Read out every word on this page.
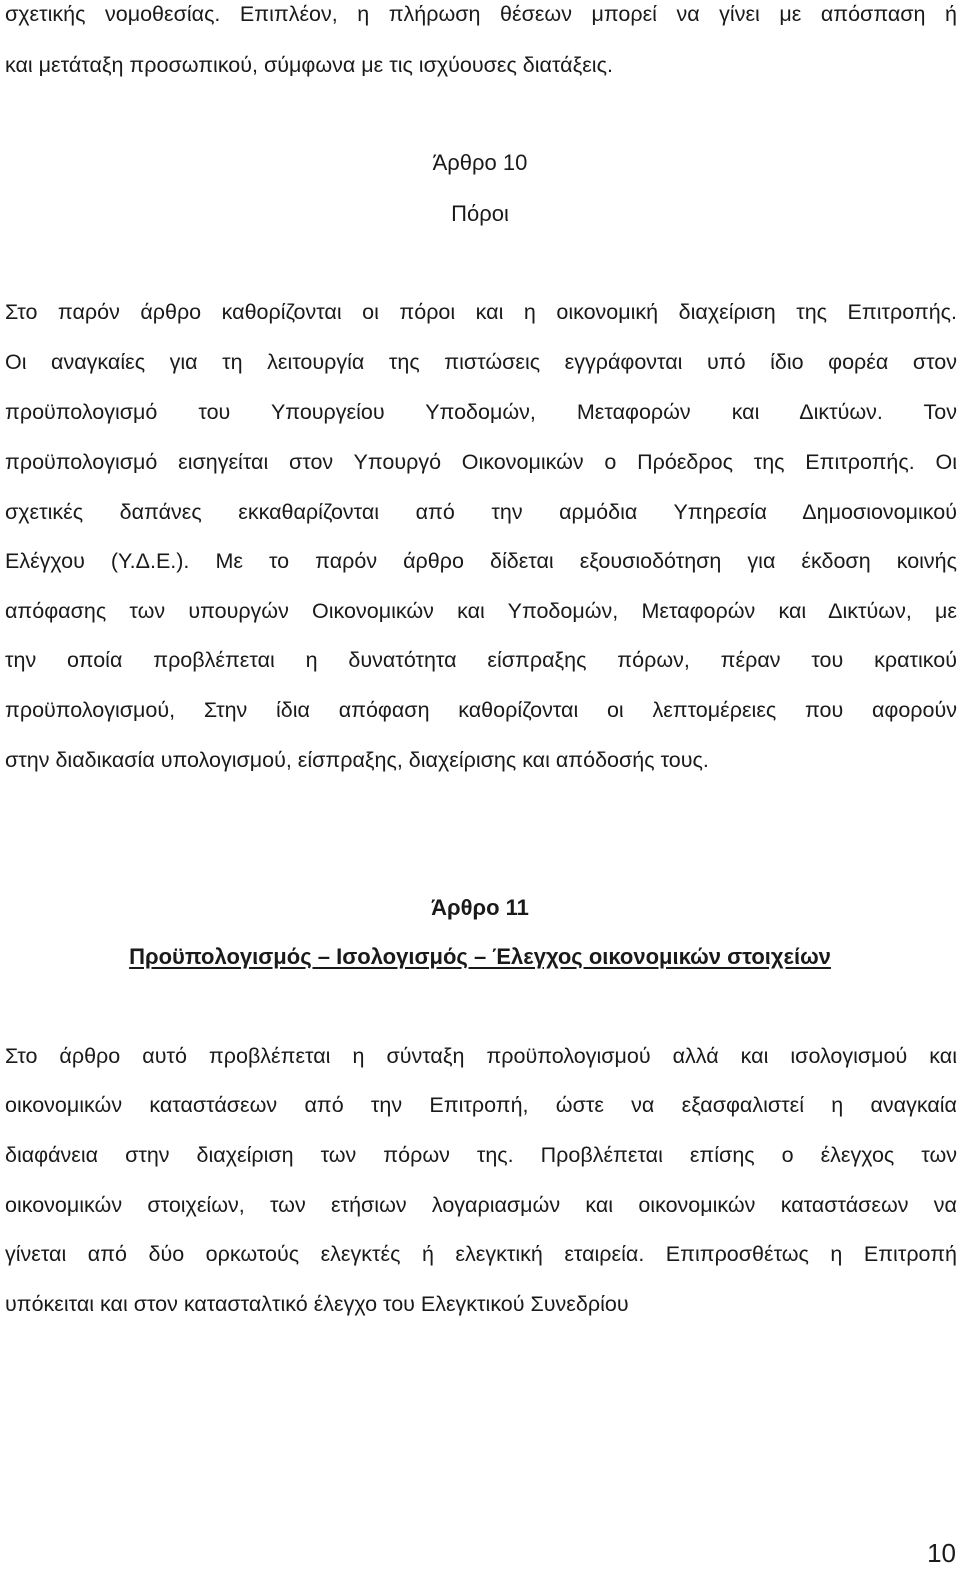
σχετικής νομοθεσίας. Επιπλέον, η πλήρωση θέσεων μπορεί να γίνει με απόσπαση ή
και μετάταξη προσωπικού, σύμφωνα με τις ισχύουσες διατάξεις.
Άρθρο 10
Πόροι
Στο παρόν άρθρο καθορίζονται οι πόροι και η οικονομική διαχείριση της Επιτροπής.
Οι αναγκαίες για τη λειτουργία της πιστώσεις εγγράφονται υπό ίδιο φορέα στον
προϋπολογισμό του Υπουργείου Υποδομών, Μεταφορών και Δικτύων. Τον
προϋπολογισμό εισηγείται στον Υπουργό Οικονομικών ο Πρόεδρος της Επιτροπής. Οι
σχετικές δαπάνες εκκαθαρίζονται από την αρμόδια Υπηρεσία Δημοσιονομικού
Ελέγχου (Υ.Δ.Ε.). Με το παρόν άρθρο δίδεται εξουσιοδότηση για έκδοση κοινής
απόφασης των υπουργών Οικονομικών και Υποδομών, Μεταφορών και Δικτύων, με
την οποία προβλέπεται η δυνατότητα είσπραξης πόρων, πέραν του κρατικού
προϋπολογισμού, Στην ίδια απόφαση καθορίζονται οι λεπτομέρειες που αφορούν
στην διαδικασία υπολογισμού, είσπραξης, διαχείρισης και απόδοσής τους.
Άρθρο 11
Προϋπολογισμός – Ισολογισμός – Έλεγχος οικονομικών στοιχείων
Στο άρθρο αυτό προβλέπεται η σύνταξη προϋπολογισμού αλλά και ισολογισμού και
οικονομικών καταστάσεων από την Επιτροπή, ώστε να εξασφαλιστεί η αναγκαία
διαφάνεια στην διαχείριση των πόρων της. Προβλέπεται επίσης ο έλεγχος των
οικονομικών στοιχείων, των ετήσιων λογαριασμών και οικονομικών καταστάσεων να
γίνεται από δύο ορκωτούς ελεγκτές ή ελεγκτική εταιρεία. Επιπροσθέτως η Επιτροπή
υπόκειται και στον κατασταλτικό έλεγχο του Ελεγκτικού Συνεδρίου
10
